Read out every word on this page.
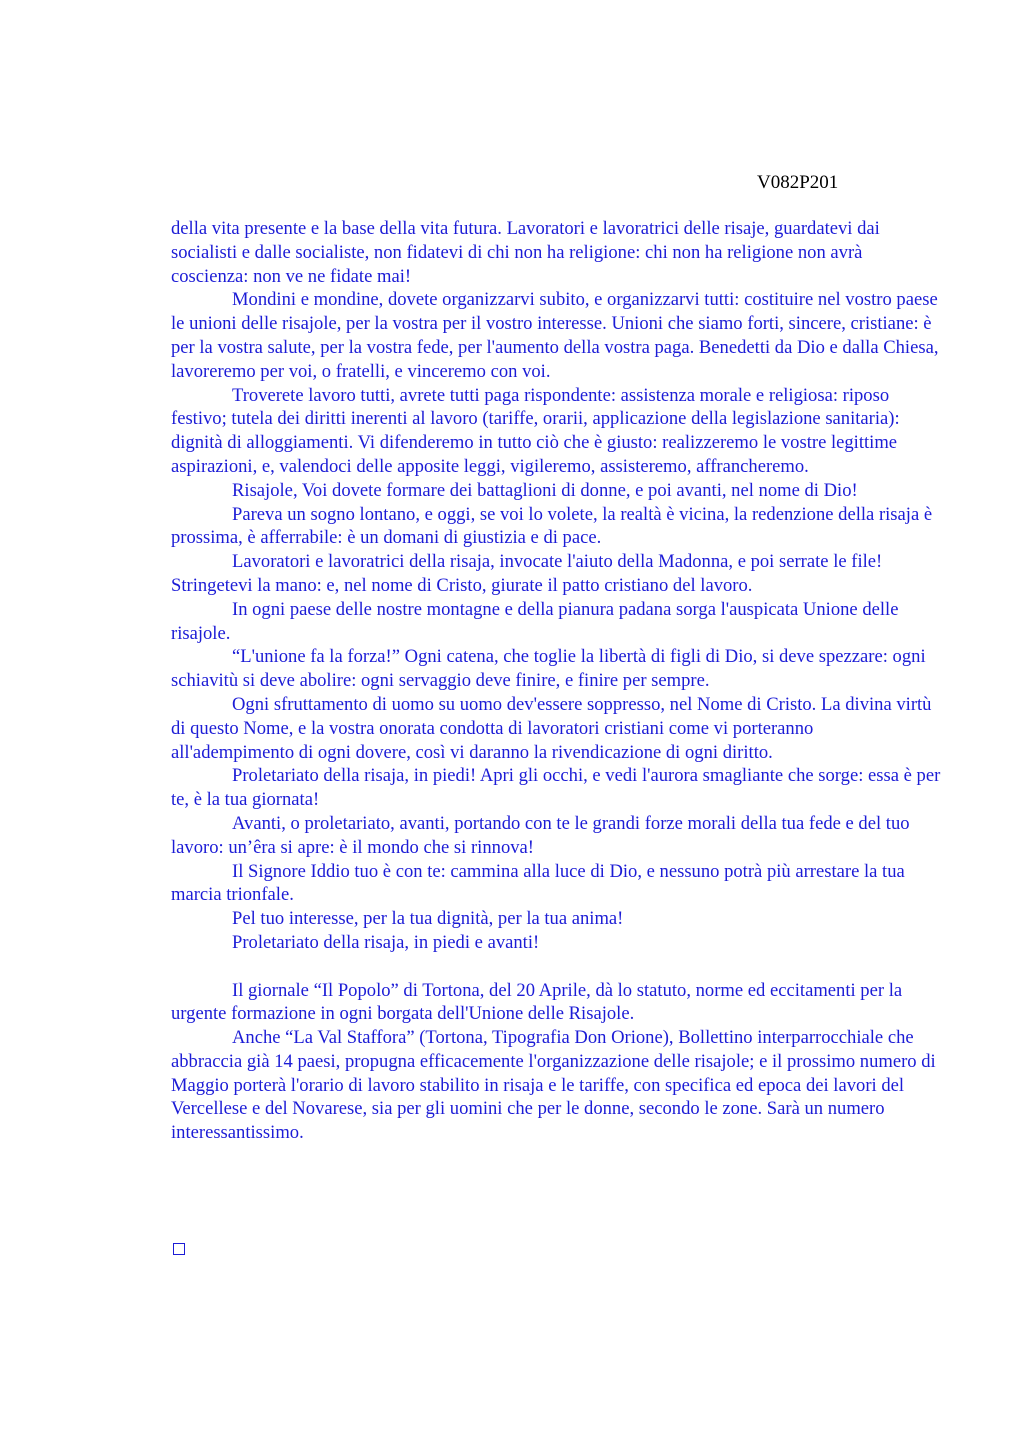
V082P201

della vita presente e la base della vita futura. Lavoratori e lavoratrici delle risaje, guardatevi dai socialisti e dalle socialiste, non fidatevi di chi non ha religione: chi non ha religione non avrà coscienza: non ve ne fidate mai!

Mondini e mondine, dovete organizzarvi subito, e organizzarvi tutti: costituire nel vostro paese le unioni delle risajole, per la vostra per il vostro interesse. Unioni che siamo forti, sincere, cristiane: è per la vostra salute, per la vostra fede, per l'aumento della vostra paga. Benedetti da Dio e dalla Chiesa, lavoreremo per voi, o fratelli, e vinceremo con voi.

Troverete lavoro tutti, avrete tutti paga rispondente: assistenza morale e religiosa: riposo festivo; tutela dei diritti inerenti al lavoro (tariffe, orarii, applicazione della legislazione sanitaria): dignità di alloggiamenti. Vi difenderemo in tutto ciò che è giusto: realizzeremo le vostre legittime aspirazioni, e, valendoci delle apposite leggi, vigileremo, assisteremo, affrancheremo.

Risajole, Voi dovete formare dei battaglioni di donne, e poi avanti, nel nome di Dio!

Pareva un sogno lontano, e oggi, se voi lo volete, la realtà è vicina, la redenzione della risaja è prossima, è afferrabile: è un domani di giustizia e di pace.

Lavoratori e lavoratrici della risaja, invocate l'aiuto della Madonna, e poi serrate le file! Stringetevi la mano: e, nel nome di Cristo, giurate il patto cristiano del lavoro.

In ogni paese delle nostre montagne e della pianura padana sorga l'auspicata Unione delle risajole.

“L'unione fa la forza!” Ogni catena, che toglie la libertà di figli di Dio, si deve spezzare: ogni schiavitù si deve abolire: ogni servaggio deve finire, e finire per sempre.

Ogni sfruttamento di uomo su uomo dev'essere soppresso, nel Nome di Cristo. La divina virtù di questo Nome, e la vostra onorata condotta di lavoratori cristiani come vi porteranno all'adempimento di ogni dovere, così vi daranno la rivendicazione di ogni diritto.

Proletariato della risaja, in piedi! Apri gli occhi, e vedi l'aurora smagliante che sorge: essa è per te, è la tua giornata!

Avanti, o proletariato, avanti, portando con te le grandi forze morali della tua fede e del tuo lavoro: un’êra si apre: è il mondo che si rinnova!

Il Signore Iddio tuo è con te: cammina alla luce di Dio, e nessuno potrà più arrestare la tua marcia trionfale.

Pel tuo interesse, per la tua dignità, per la tua anima!

Proletariato della risaja, in piedi e avanti!

Il giornale “Il Popolo” di Tortona, del 20 Aprile, dà lo statuto, norme ed eccitamenti per la urgente formazione in ogni borgata dell'Unione delle Risajole.

Anche “La Val Staffora” (Tortona, Tipografia Don Orione), Bollettino interparrocchiale che abbraccia già 14 paesi, propugna efficacemente l'organizzazione delle risajole; e il prossimo numero di Maggio porterà l'orario di lavoro stabilito in risaja e le tariffe, con specifica ed epoca dei lavori del Vercellese e del Novarese, sia per gli uomini che per le donne, secondo le zone. Sarà un numero interessantissimo.
